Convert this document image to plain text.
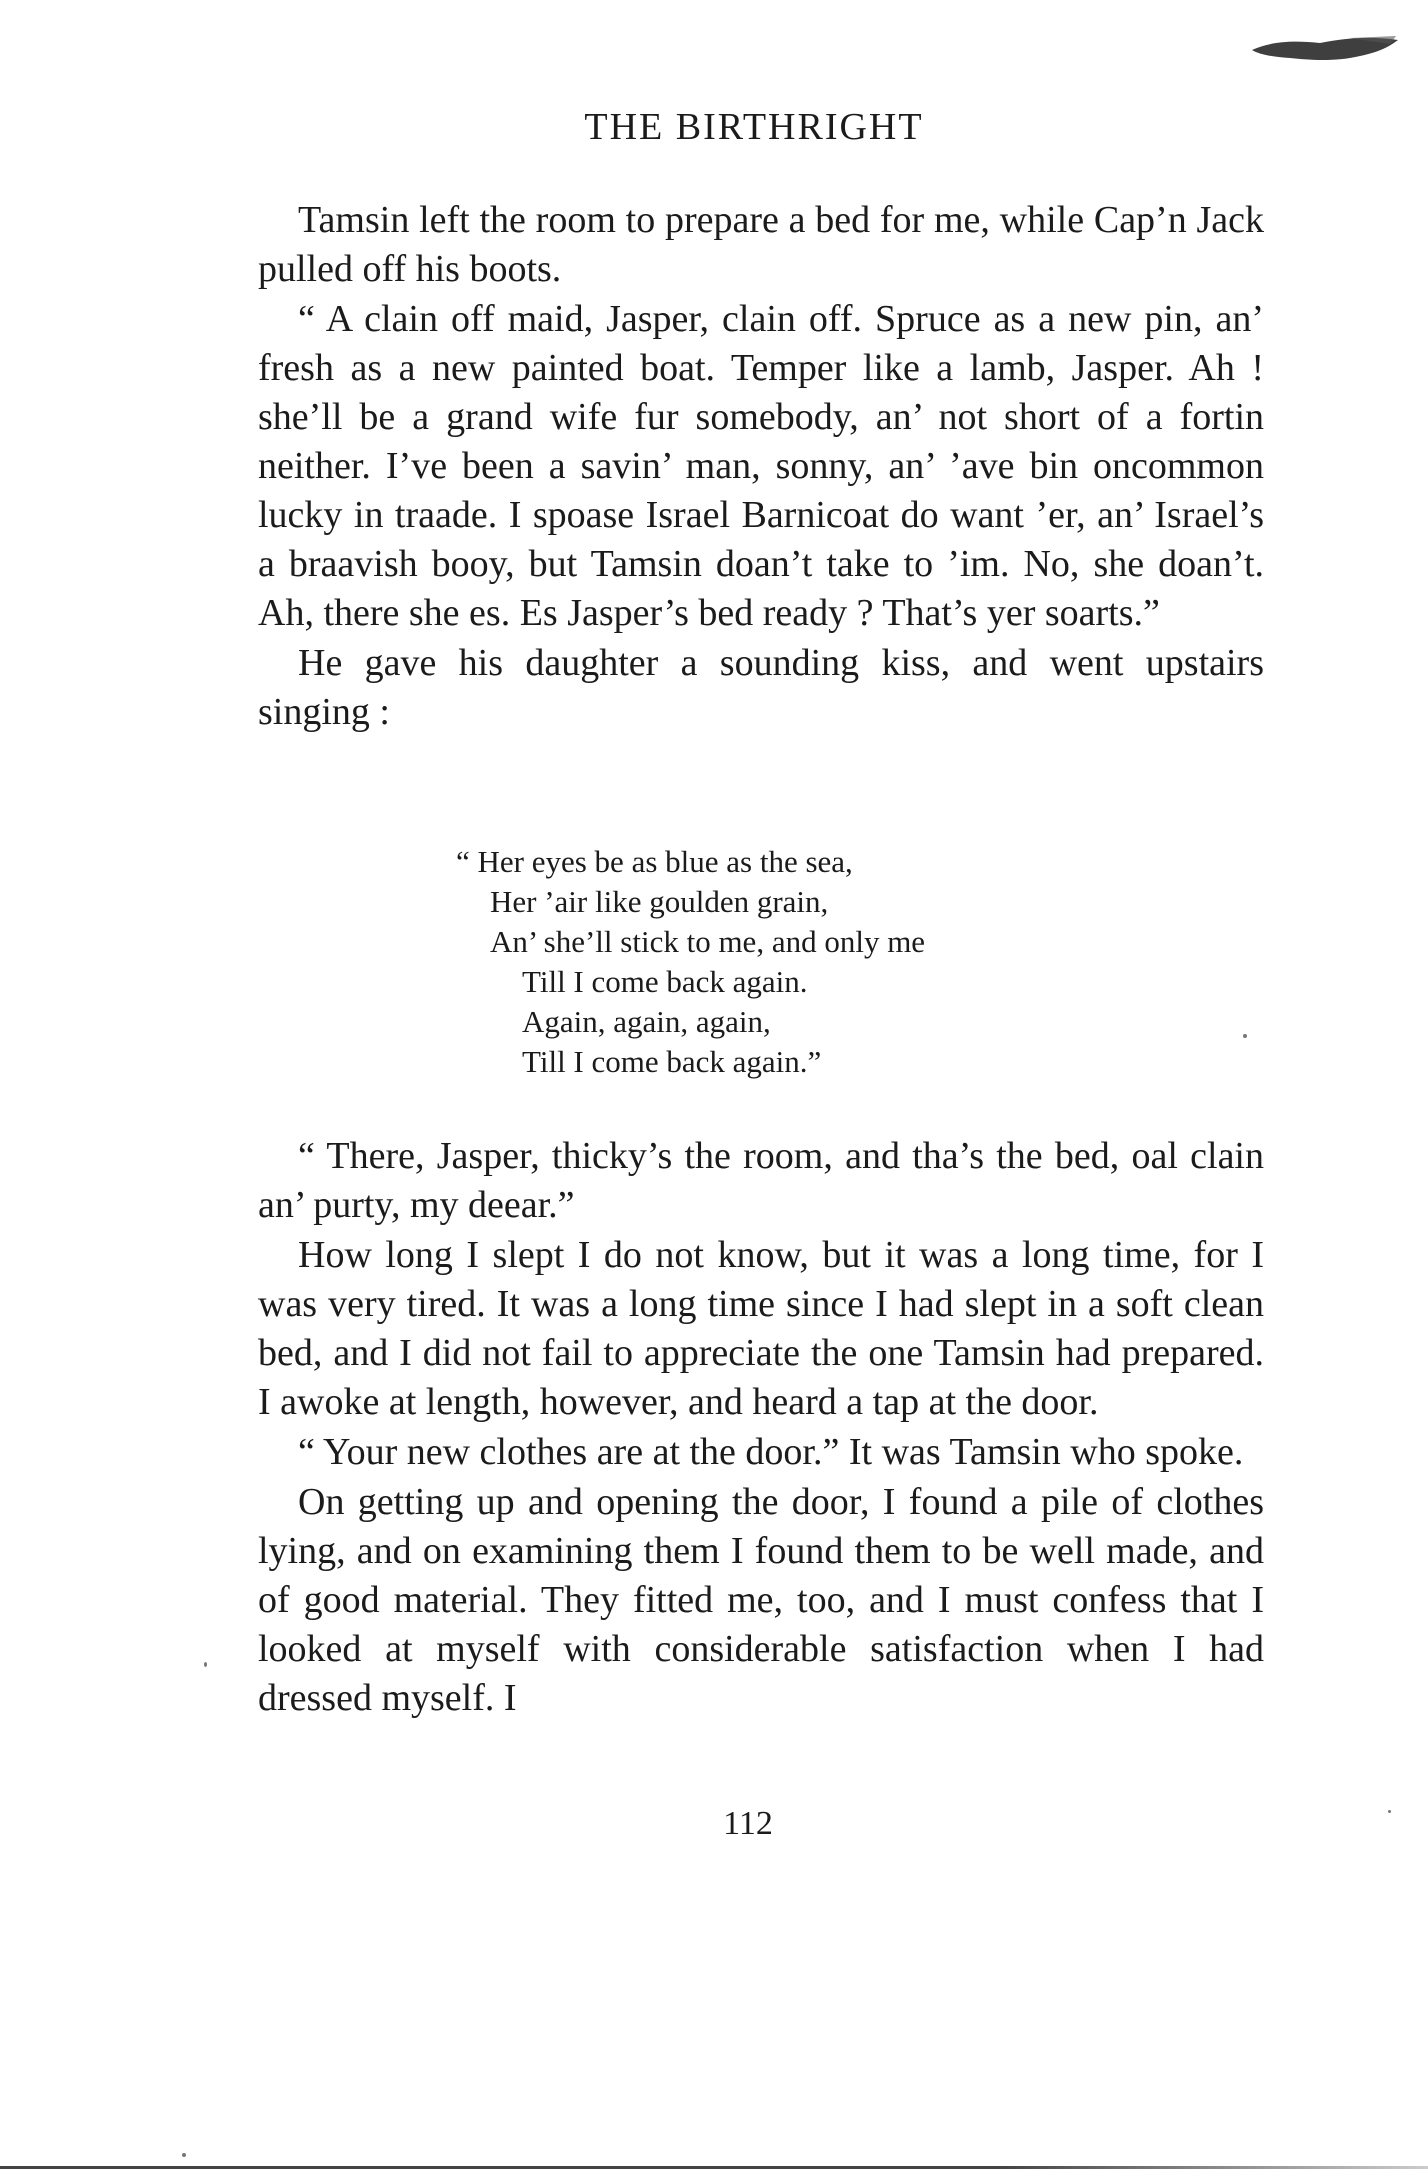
THE BIRTHRIGHT

Tamsin left the room to prepare a bed for me, while Cap’n Jack pulled off his boots.

“ A clain off maid, Jasper, clain off. Spruce as a new pin, an’ fresh as a new painted boat. Temper like a lamb, Jasper. Ah ! she’ll be a grand wife fur somebody, an’ not short of a fortin neither. I’ve been a savin’ man, sonny, an’ ’ave bin oncommon lucky in traade. I spoase Israel Barnicoat do want ’er, an’ Israel’s a braavish booy, but Tamsin doan’t take to ’im. No, she doan’t. Ah, there she es. Es Jasper’s bed ready ? That’s yer soarts.”

He gave his daughter a sounding kiss, and went upstairs singing :

“ Her eyes be as blue as the sea,
Her ’air like goulden grain,
An’ she’ll stick to me, and only me
Till I come back again.
Again, again, again,
Till I come back again.”

“ There, Jasper, thicky’s the room, and tha’s the bed, oal clain an’ purty, my deear.”

How long I slept I do not know, but it was a long time, for I was very tired. It was a long time since I had slept in a soft clean bed, and I did not fail to appreciate the one Tamsin had prepared. I awoke at length, however, and heard a tap at the door.

“ Your new clothes are at the door.” It was Tamsin who spoke.

On getting up and opening the door, I found a pile of clothes lying, and on examining them I found them to be well made, and of good material. They fitted me, too, and I must confess that I looked at myself with considerable satisfaction when I had dressed myself. I

112
